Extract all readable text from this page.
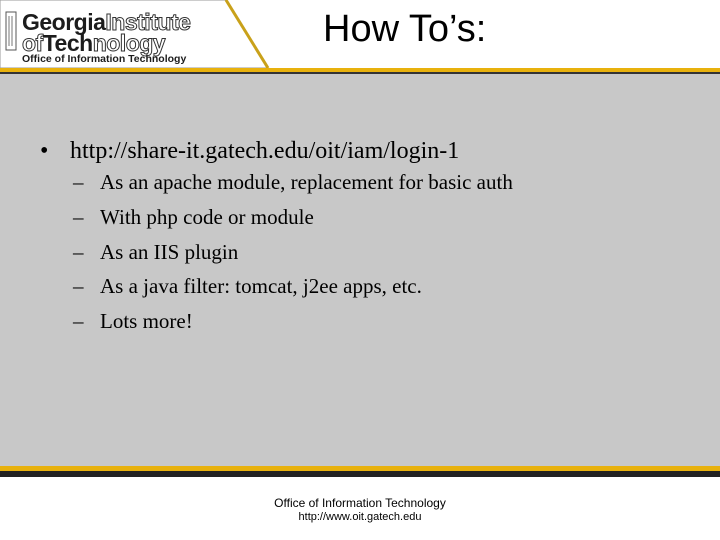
GeorgiaInstitute
ofTechnology
Office of Information Technology
How To’s:
• http://share-it.gatech.edu/oit/iam/login-1
– As an apache module, replacement for basic auth
– With php code or module
– As an IIS plugin
– As a java filter: tomcat, j2ee apps, etc.
– Lots more!
Office of Information Technology
http://www.oit.gatech.edu
